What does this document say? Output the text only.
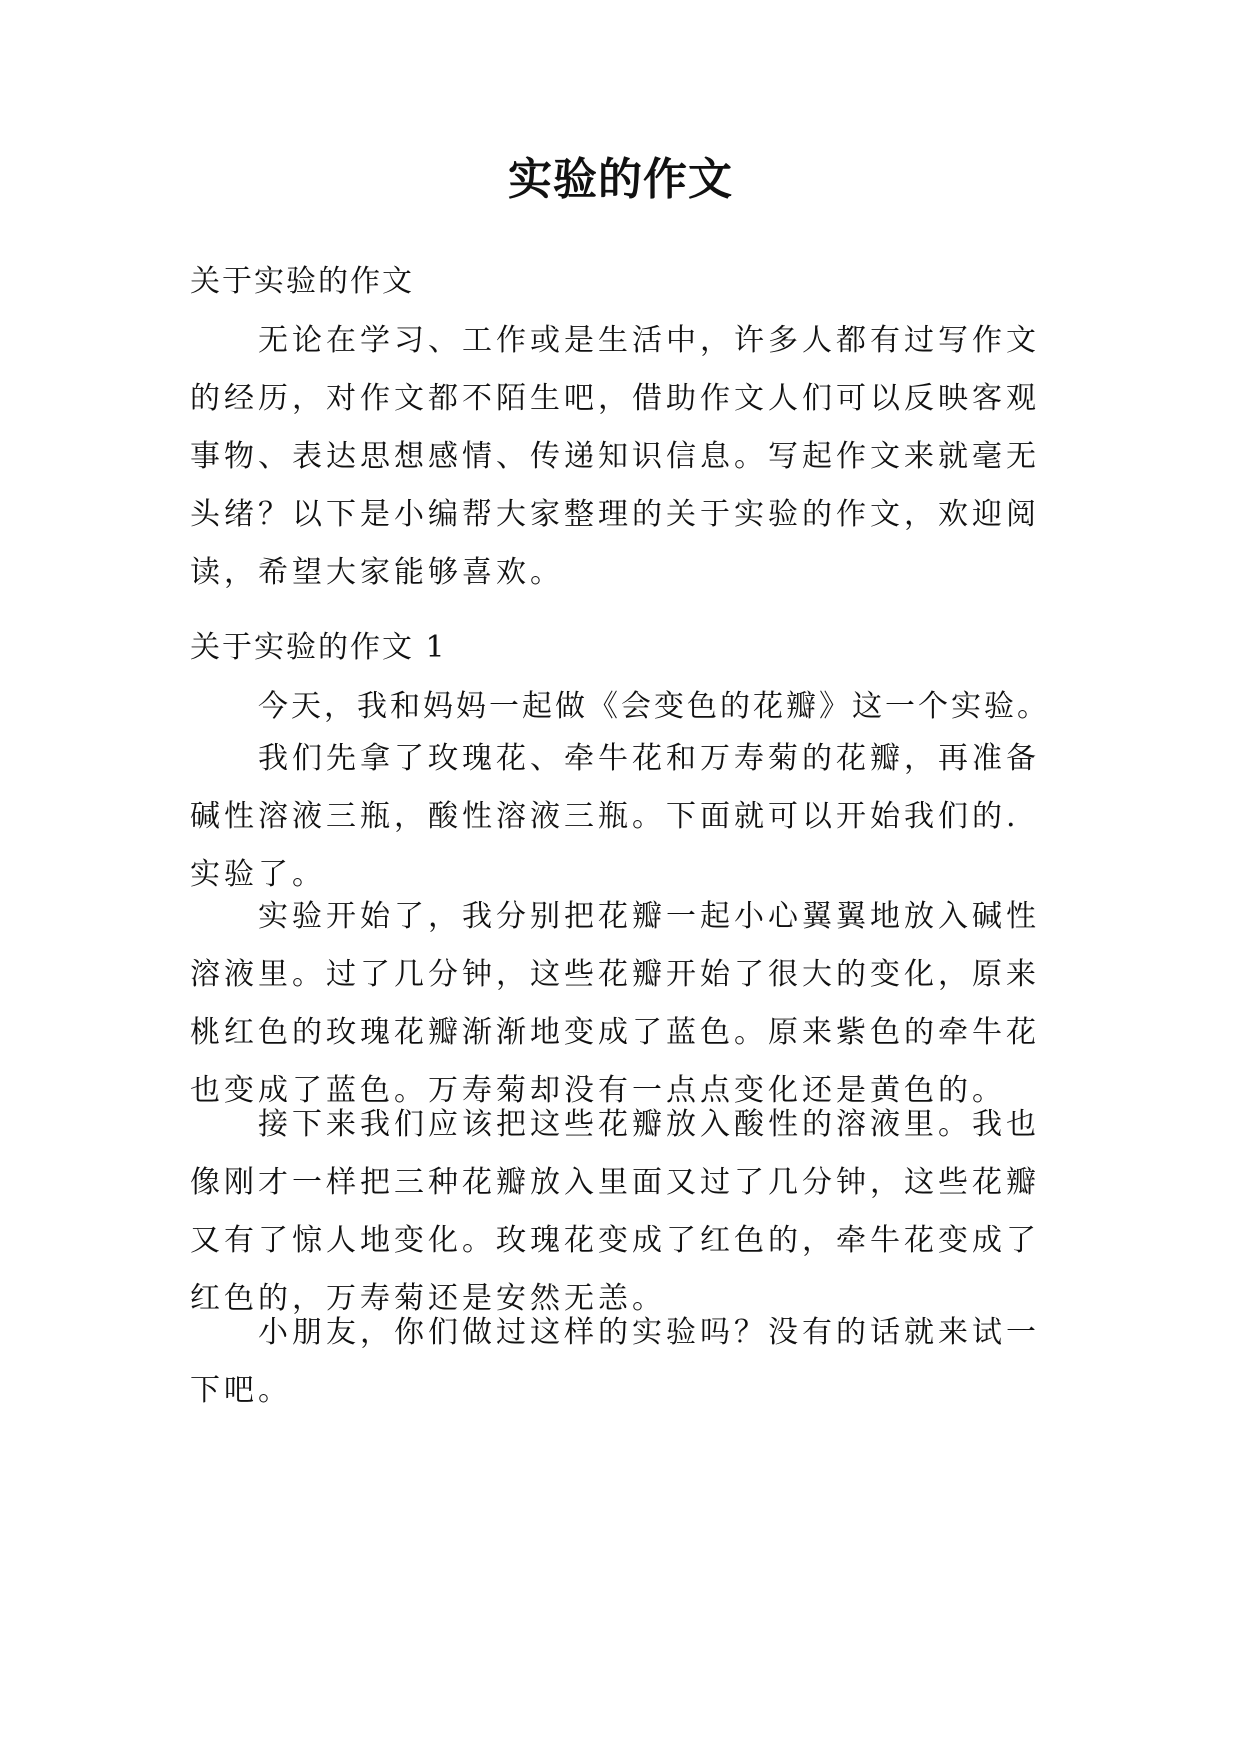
实验的作文
关于实验的作文

无论在学习、工作或是生活中，许多人都有过写作文的经历，对作文都不陌生吧，借助作文人们可以反映客观事物、表达思想感情、传递知识信息。写起作文来就毫无头绪？以下是小编帮大家整理的关于实验的作文，欢迎阅读，希望大家能够喜欢。

关于实验的作文 1

今天，我和妈妈一起做《会变色的花瓣》这一个实验。

我们先拿了玫瑰花、牵牛花和万寿菊的花瓣，再准备碱性溶液三瓶，酸性溶液三瓶。下面就可以开始我们的.实验了。

实验开始了，我分别把花瓣一起小心翼翼地放入碱性溶液里。过了几分钟，这些花瓣开始了很大的变化，原来桃红色的玫瑰花瓣渐渐地变成了蓝色。原来紫色的牵牛花也变成了蓝色。万寿菊却没有一点点变化还是黄色的。

接下来我们应该把这些花瓣放入酸性的溶液里。我也像刚才一样把三种花瓣放入里面又过了几分钟，这些花瓣又有了惊人地变化。玫瑰花变成了红色的，牵牛花变成了红色的，万寿菊还是安然无恙。

小朋友，你们做过这样的实验吗？没有的话就来试一下吧。
